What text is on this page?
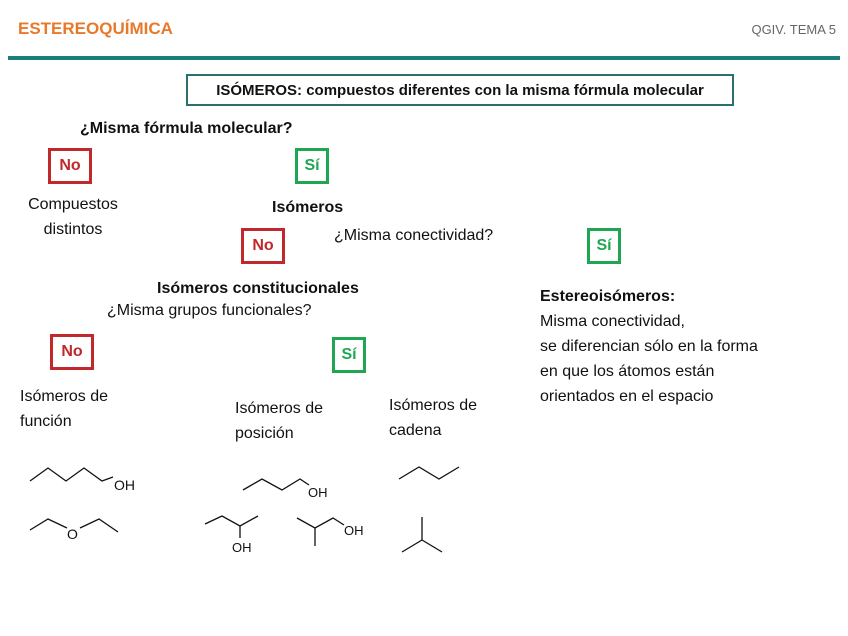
ESTEREOQUÍMICA	QGIV. TEMA 5
ISÓMEROS: compuestos diferentes con la misma fórmula molecular
¿Misma fórmula molecular?
No	Sí
Compuestos
distintos
Isómeros
No
¿Misma conectividad?
Sí
Isómeros constitucionales	Estereoisómeros:
Misma conectividad,
se diferencian sólo en la forma
en que los átomos están
orientados en el espacio
¿Misma grupos funcionales?
No	Sí
Isómeros de
función
Isómeros de
posición
Isómeros de
cadena
OH
O
OH
OH
OH
